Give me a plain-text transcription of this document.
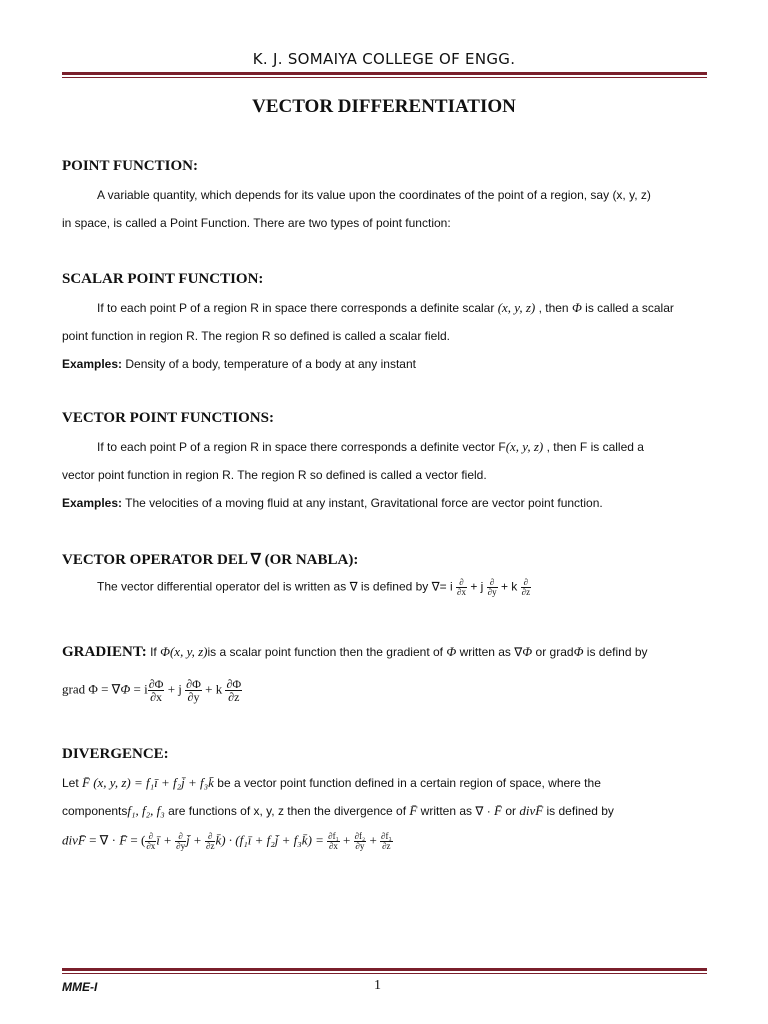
K. J. SOMAIYA COLLEGE OF ENGG.
VECTOR DIFFERENTIATION
POINT FUNCTION:
A variable quantity, which depends for its value upon the coordinates of the point of a region, say (x, y, z)
in space, is called a Point Function. There are two types of point function:
SCALAR POINT FUNCTION:
If to each point P of a region R in space there corresponds a definite scalar (x, y, z) , then Φ is called a scalar
point function in region R. The region R so defined is called a scalar field.
Examples: Density of a body, temperature of a body at any instant
VECTOR POINT FUNCTIONS:
If to each point P of a region R in space there corresponds a definite vector F(x, y, z) , then F is called a
vector point function in region R. The region R so defined is called a vector field.
Examples: The velocities of a moving fluid at any instant, Gravitational force are vector point function.
VECTOR OPERATOR DEL ∇ (OR NABLA):
The vector differential operator del is written as ∇ is defined by ∇= i $\frac{\partial}{\partial x} + j \frac{\partial}{\partial y} + k \frac{\partial}{\partial z}$
GRADIENT: If Φ(x, y, z)is a scalar point function then the gradient of Φ written as ∇Φ or gradΦ is defind by
grad Φ = ∇Φ = i $\frac{\partial\Phi}{\partial x} + j \frac{\partial\Phi}{\partial y} + k \frac{\partial\Phi}{\partial z}$
DIVERGENCE:
Let F̄ (x, y, z) = f₁ī + f₂j̄ + f₃k̄ be a vector point function defined in a certain region of space, where the
componentsf₁, f₂, f₃ are functions of x, y, z then the divergence of F̄ written as ∇ · F̄ or divF̄ is defined by
divF̄ = ∇ · F̄ = ( $\frac{\partial}{\partial x}$ ī + $\frac{\partial}{\partial y}$ j̄ + $\frac{\partial}{\partial z}$ k̄) · (f₁ī + f₂j̄ + f₃k̄) = $\frac{\text{∂f₁}}{\partial x} + \frac{\text{∂f₂}}{\partial y} + \frac{\text{∂f₃}}{\partial z}$
MME-I	1
